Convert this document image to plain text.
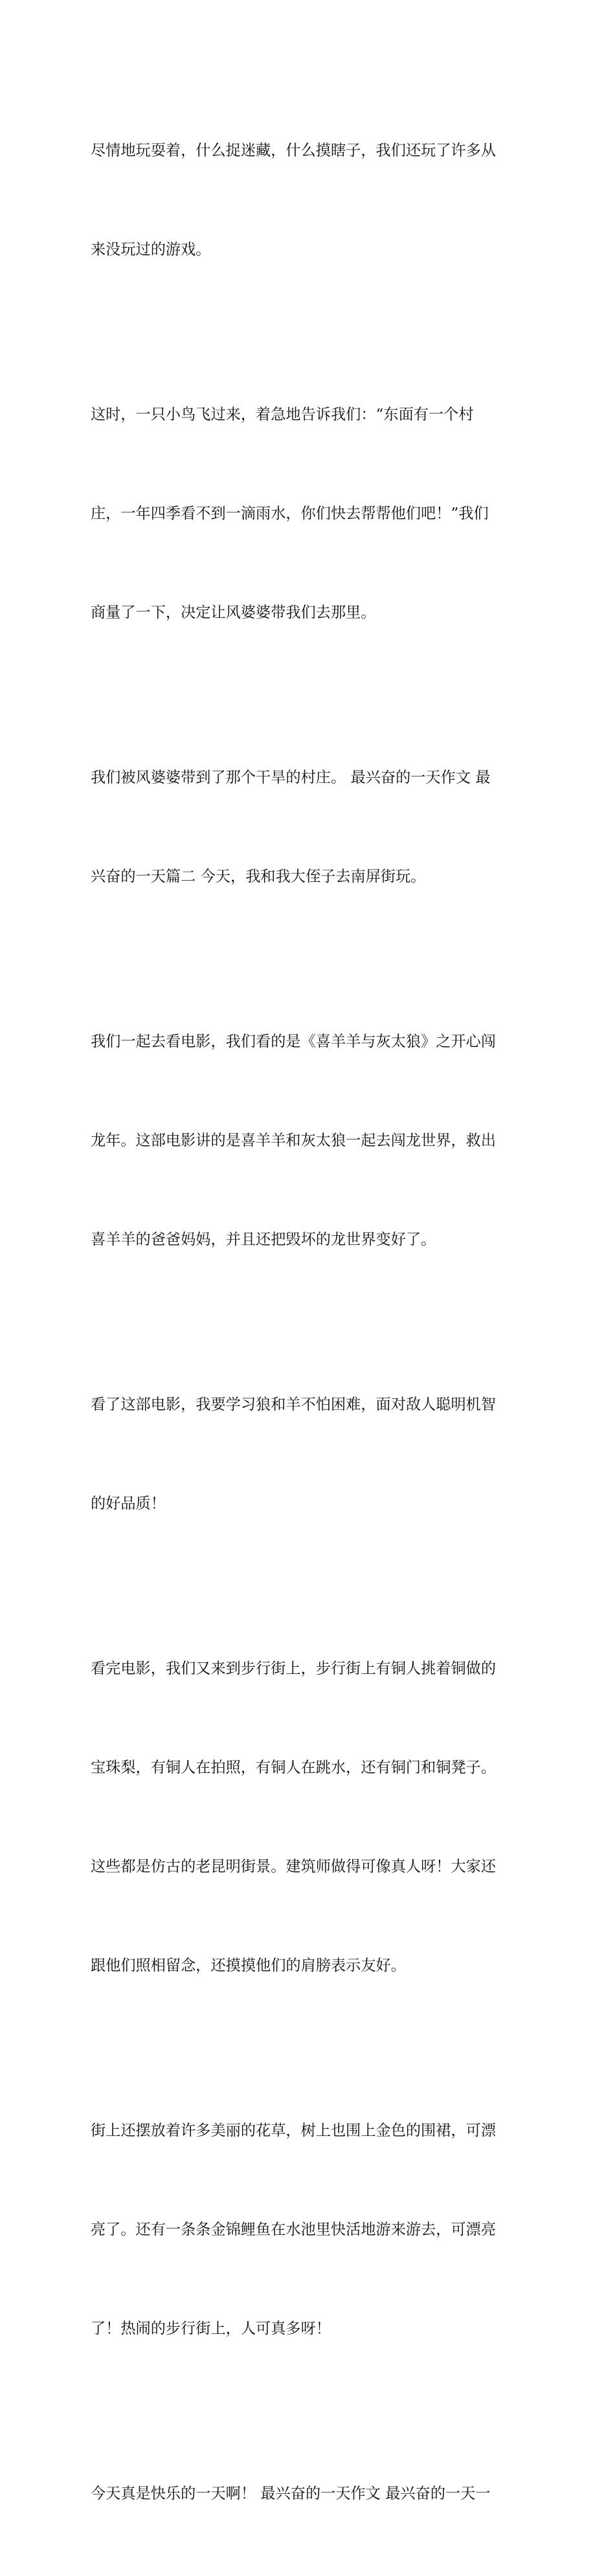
尽情地玩耍着，什么捉迷藏，什么摸瞎子，我们还玩了许多从

来没玩过的游戏。

这时，一只小鸟飞过来，着急地告诉我们：“东面有一个村

庄，一年四季看不到一滴雨水，你们快去帮帮他们吧！”我们

商量了一下，决定让风婆婆带我们去那里。

我们被风婆婆带到了那个干旱的村庄。 最兴奋的一天作文 最

兴奋的一天篇二 今天，我和我大侄子去南屏街玩。

我们一起去看电影，我们看的是《喜羊羊与灰太狼》之开心闯

龙年。这部电影讲的是喜羊羊和灰太狼一起去闯龙世界，救出

喜羊羊的爸爸妈妈，并且还把毁坏的龙世界变好了。

看了这部电影，我要学习狼和羊不怕困难，面对敌人聪明机智

的好品质！

看完电影，我们又来到步行街上，步行街上有铜人挑着铜做的

宝珠梨，有铜人在拍照，有铜人在跳水，还有铜门和铜凳子。

这些都是仿古的老昆明街景。建筑师做得可像真人呀！大家还

跟他们照相留念，还摸摸他们的肩膀表示友好。

街上还摆放着许多美丽的花草，树上也围上金色的围裙，可漂

亮了。还有一条条金锦鲤鱼在水池里快活地游来游去，可漂亮

了！热闹的步行街上，人可真多呀！

今天真是快乐的一天啊！ 最兴奋的一天作文 最兴奋的一天一
